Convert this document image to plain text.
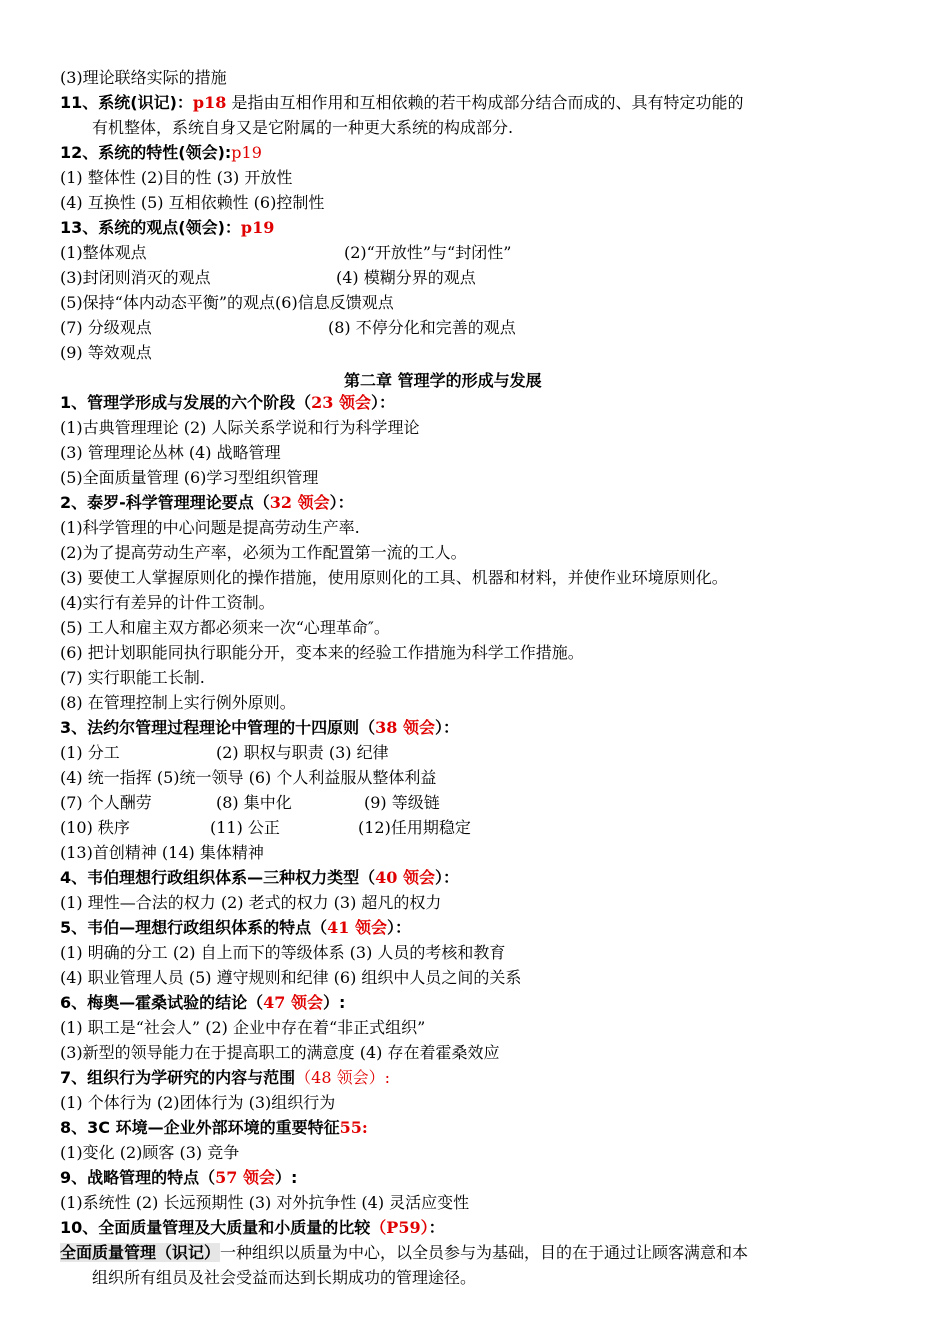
(3)理论联络实际的措施
11、系统(识记)：p18 是指由互相作用和互相依赖的若干构成部分结合而成的、具有特定功能的
有机整体，系统自身又是它附属的一种更大系统的构成部分.
12、系统的特性(领会):p19
(1) 整体性 (2)目的性 (3) 开放性
(4) 互换性 (5) 互相依赖性 (6)控制性
13、系统的观点(领会)：p19
(1)整体观点	(2)“开放性”与“封闭性”
(3)封闭则消灭的观点	(4) 模糊分界的观点
(5)保持“体内动态平衡”的观点(6)信息反馈观点
(7) 分级观点	(8) 不停分化和完善的观点
(9) 等效观点
第二章 管理学的形成与发展
1、管理学形成与发展的六个阶段（23 领会）：
(1)古典管理理论 (2) 人际关系学说和行为科学理论
(3) 管理理论丛林 (4) 战略管理
(5)全面质量管理 (6)学习型组织管理
2、泰罗-科学管理理论要点（32 领会）：
(1)科学管理的中心问题是提高劳动生产率.
(2)为了提高劳动生产率，必须为工作配置第一流的工人。
(3) 要使工人掌握原则化的操作措施，使用原则化的工具、机器和材料，并使作业环境原则化。
(4)实行有差异的计件工资制。
(5) 工人和雇主双方都必须来一次“心理革命″。
(6) 把计划职能同执行职能分开，变本来的经验工作措施为科学工作措施。
(7) 实行职能工长制.
(8) 在管理控制上实行例外原则。
3、法约尔管理过程理论中管理的十四原则（38 领会）：
(1) 分工	(2) 职权与职责 (3) 纪律
(4) 统一指挥 (5)统一领导 (6) 个人利益服从整体利益
(7) 个人酬劳	(8) 集中化	(9) 等级链
(10) 秩序	(11) 公正	(12)任用期稳定
(13)首创精神 (14) 集体精神
4、韦伯理想行政组织体系—三种权力类型（40 领会）：
(1) 理性—合法的权力 (2) 老式的权力 (3) 超凡的权力
5、韦伯—理想行政组织体系的特点（41 领会）：
(1) 明确的分工 (2) 自上而下的等级体系 (3) 人员的考核和教育
(4) 职业管理人员 (5) 遵守规则和纪律 (6) 组织中人员之间的关系
6、梅奥—霍桑试验的结论（47 领会）:
(1) 职工是“社会人” (2) 企业中存在着“非正式组织”
(3)新型的领导能力在于提高职工的满意度 (4) 存在着霍桑效应
7、组织行为学研究的内容与范围（48 领会）:
(1) 个体行为 (2)团体行为 (3)组织行为
8、3C 环境—企业外部环境的重要特征55:
(1)变化 (2)顾客 (3) 竞争
9、战略管理的特点（57 领会）:
(1)系统性 (2) 长远预期性 (3) 对外抗争性 (4) 灵活应变性
10、全面质量管理及大质量和小质量的比较（P59）：
全面质量管理（识记）一种组织以质量为中心，以全员参与为基础，目的在于通过让顾客满意和本
组织所有组员及社会受益而达到长期成功的管理途径。
